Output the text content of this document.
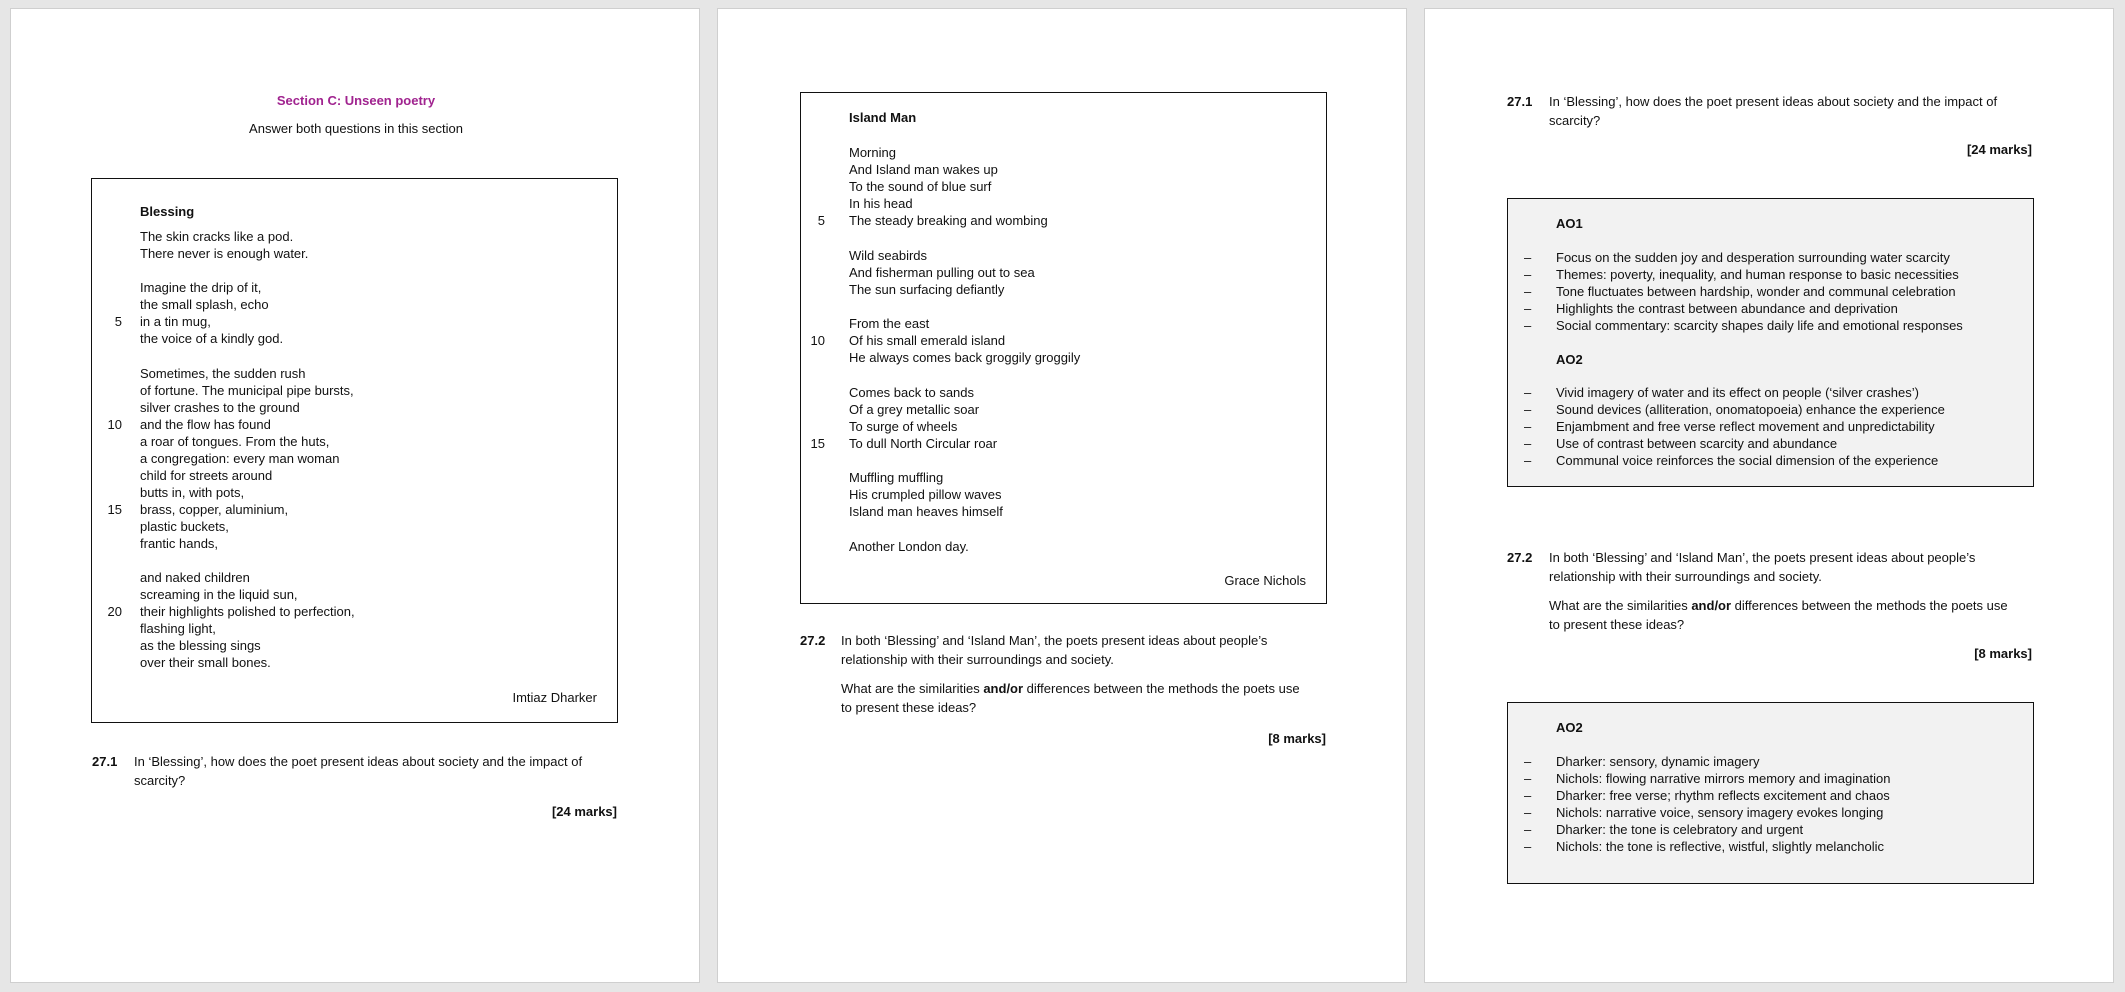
Section C: Unseen poetry
Answer both questions in this section
Blessing
The skin cracks like a pod.
There never is enough water.
Imagine the drip of it,
the small splash, echo
5 in a tin mug,
the voice of a kindly god.
Sometimes, the sudden rush
of fortune. The municipal pipe bursts,
silver crashes to the ground
10 and the flow has found
a roar of tongues. From the huts,
a congregation: every man woman
child for streets around
butts in, with pots,
15 brass, copper, aluminium,
plastic buckets,
frantic hands,
and naked children
screaming in the liquid sun,
20 their highlights polished to perfection,
flashing light,
as the blessing sings
over their small bones.
Imtiaz Dharker
27.1 In ‘Blessing’, how does the poet present ideas about society and the impact of
scarcity?
[24 marks]
Island Man
Morning
And Island man wakes up
To the sound of blue surf
In his head
5 The steady breaking and wombing
Wild seabirds
And fisherman pulling out to sea
The sun surfacing defiantly
From the east
10 Of his small emerald island
He always comes back groggily groggily
Comes back to sands
Of a grey metallic soar
To surge of wheels
15 To dull North Circular roar
Muffling muffling
His crumpled pillow waves
Island man heaves himself
Another London day.
Grace Nichols
27.2 In both ‘Blessing’ and ‘Island Man’, the poets present ideas about people’s
relationship with their surroundings and society.
What are the similarities and/or differences between the methods the poets use
to present these ideas?
[8 marks]
27.1 In ‘Blessing’, how does the poet present ideas about society and the impact of
scarcity?
[24 marks]
AO1
– Focus on the sudden joy and desperation surrounding water scarcity
– Themes: poverty, inequality, and human response to basic necessities
– Tone fluctuates between hardship, wonder and communal celebration
– Highlights the contrast between abundance and deprivation
– Social commentary: scarcity shapes daily life and emotional responses
AO2
– Vivid imagery of water and its effect on people (‘silver crashes’)
– Sound devices (alliteration, onomatopoeia) enhance the experience
– Enjambment and free verse reflect movement and unpredictability
– Use of contrast between scarcity and abundance
– Communal voice reinforces the social dimension of the experience
27.2 In both ‘Blessing’ and ‘Island Man’, the poets present ideas about people’s
relationship with their surroundings and society.
What are the similarities and/or differences between the methods the poets use
to present these ideas?
[8 marks]
AO2
– Dharker: sensory, dynamic imagery
– Nichols: flowing narrative mirrors memory and imagination
– Dharker: free verse; rhythm reflects excitement and chaos
– Nichols: narrative voice, sensory imagery evokes longing
– Dharker: the tone is celebratory and urgent
– Nichols: the tone is reflective, wistful, slightly melancholic
